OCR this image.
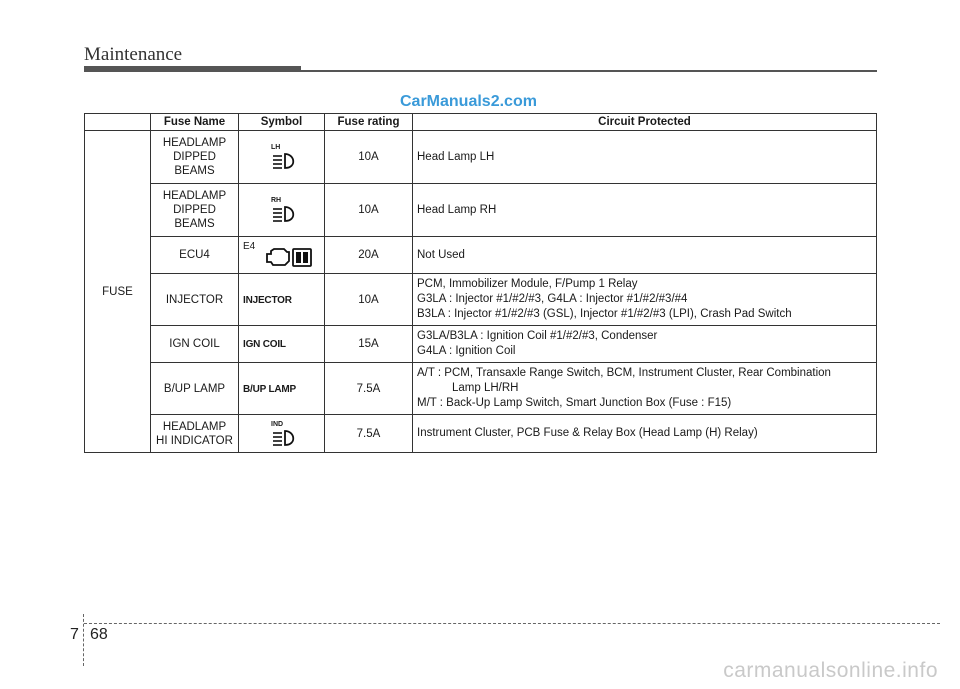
Maintenance
CarManuals2.com
	Fuse Name	Symbol	Fuse rating	Circuit Protected
FUSE	HEADLAMP
DIPPED
BEAMS	LH	10A	Head Lamp LH

	HEADLAMP
DIPPED
BEAMS	RH	10A	Head Lamp RH

	ECU4	E4	20A	Not Used

	INJECTOR	INJECTOR	10A	PCM, Immobilizer Module, F/Pump 1 Relay
G3LA : Injector #1/#2/#3, G4LA : Injector #1/#2/#3/#4
B3LA : Injector #1/#2/#3 (GSL), Injector #1/#2/#3 (LPI), Crash Pad Switch

	IGN COIL	IGN COIL	15A	G3LA/B3LA : Ignition Coil #1/#2/#3, Condenser
G4LA : Ignition Coil

	B/UP LAMP	B/UP LAMP	7.5A	A/T : PCM, Transaxle Range Switch, BCM, Instrument Cluster, Rear Combination
Lamp LH/RH
M/T : Back-Up Lamp Switch, Smart Junction Box (Fuse : F15)

	HEADLAMP
HI INDICATOR	IND	7.5A	Instrument Cluster, PCB Fuse & Relay Box (Head Lamp (H) Relay)
7 68
carmanualsonline.info
